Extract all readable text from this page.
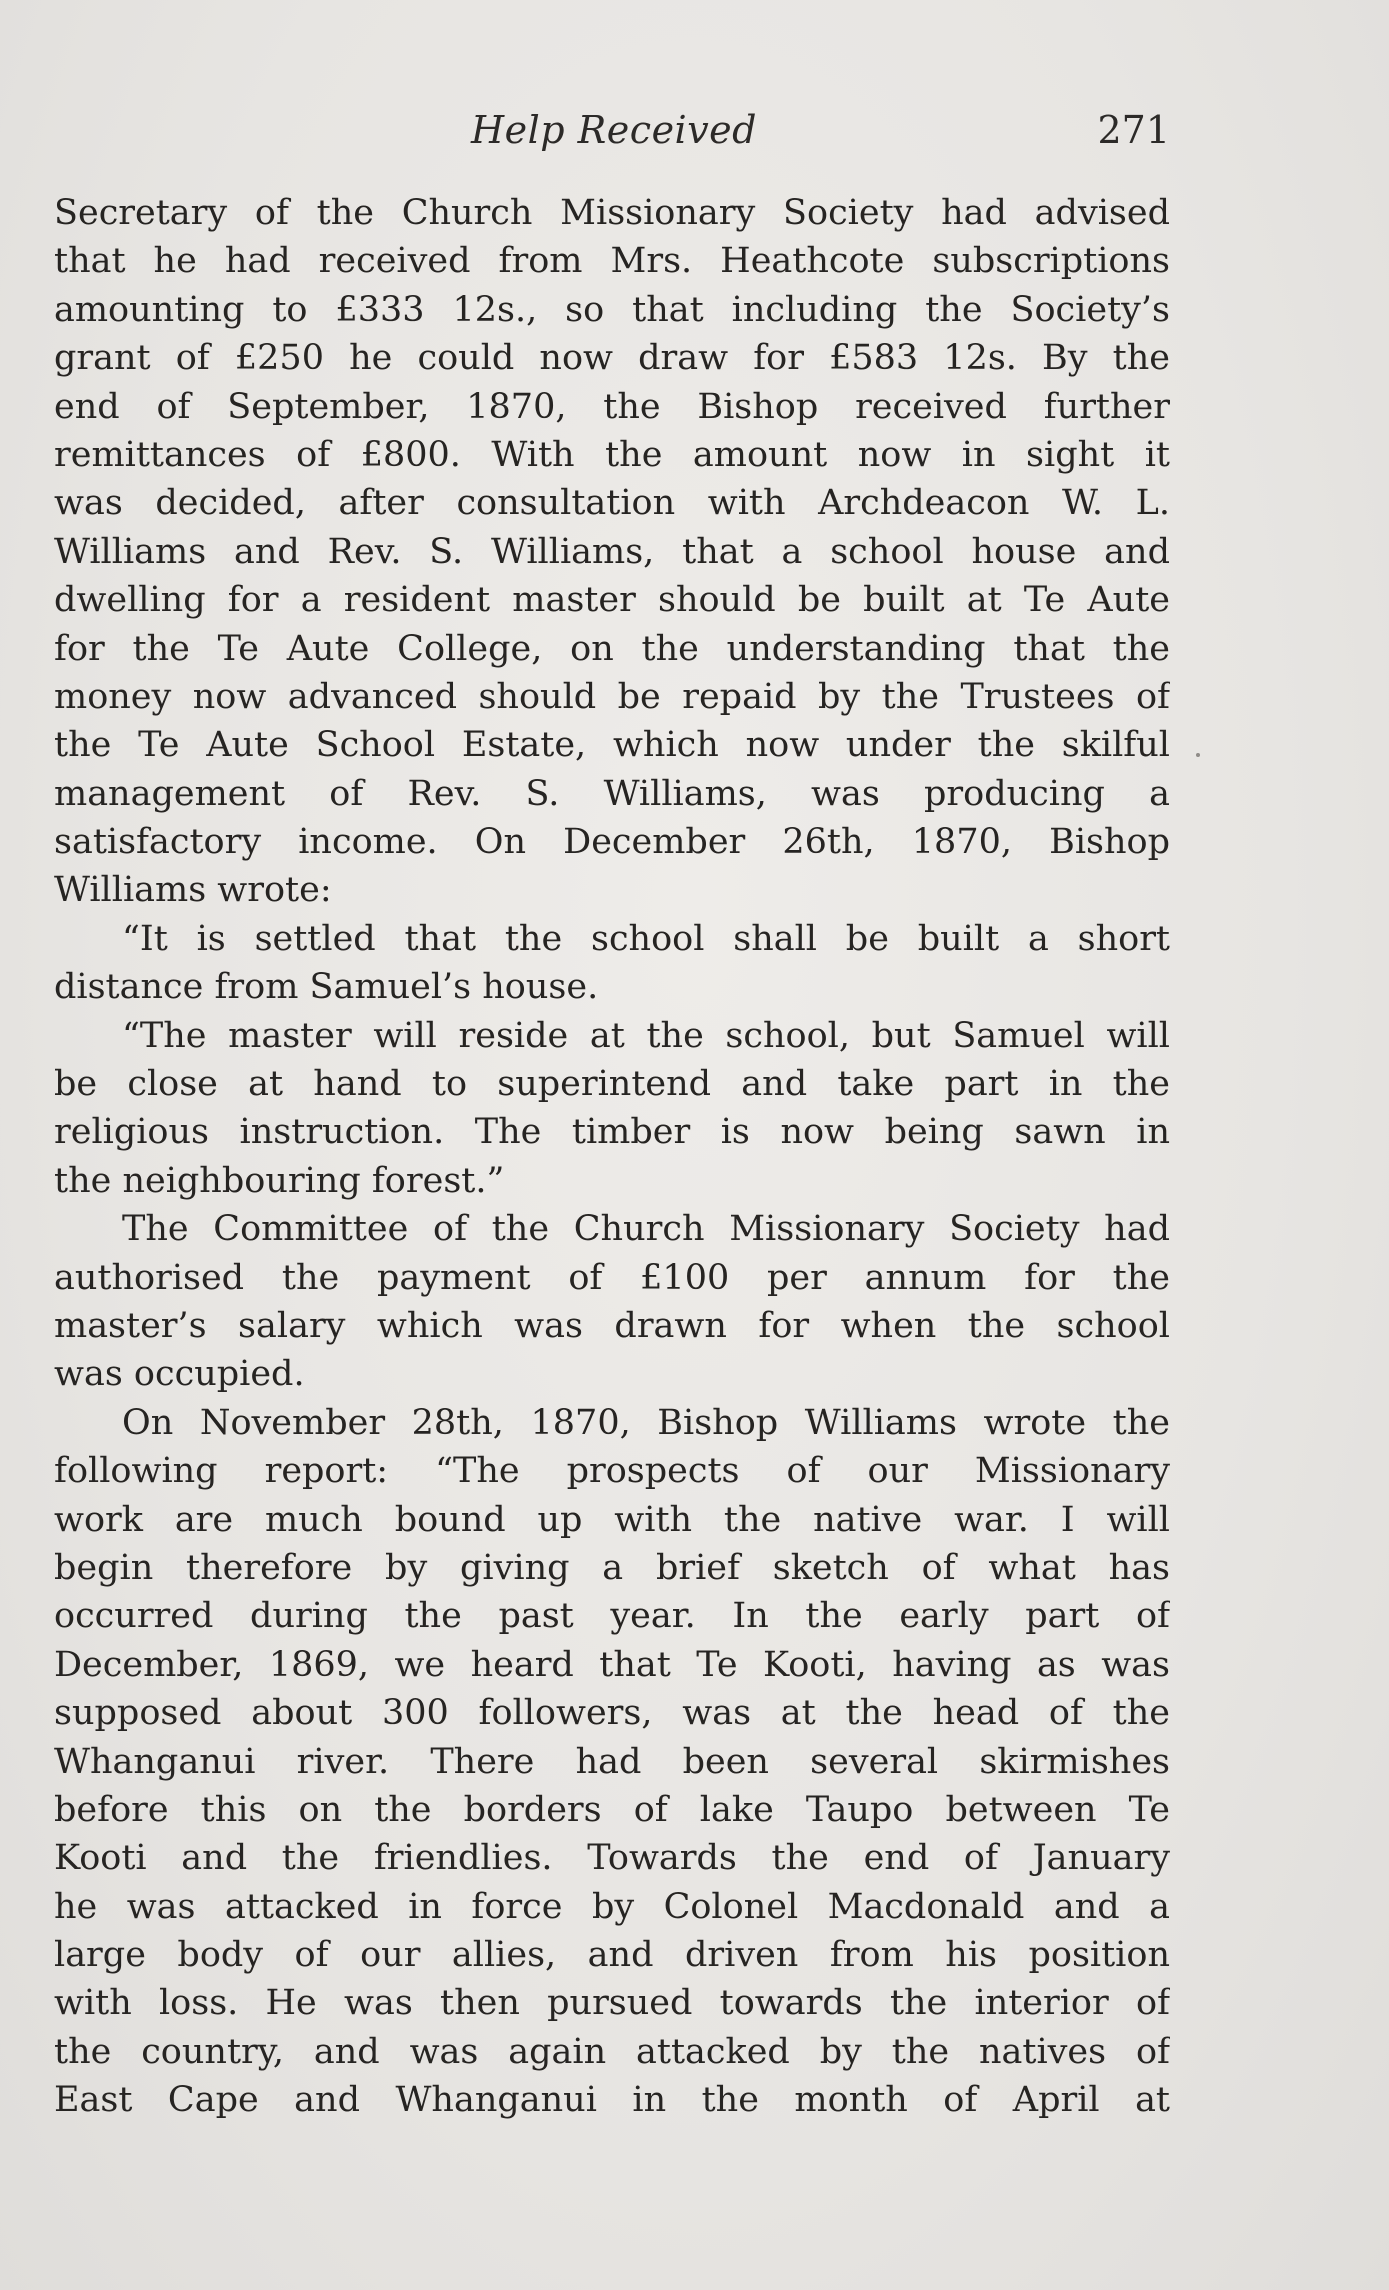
Help Received	271
Secretary of the Church Missionary Society had advised
that he had received from Mrs. Heathcote subscriptions
amounting to £333 12s., so that including the Society’s
grant of £250 he could now draw for £583 12s. By the
end of September, 1870, the Bishop received further
remittances of £800. With the amount now in sight it
was decided, after consultation with Archdeacon W. L.
Williams and Rev. S. Williams, that a school house and
dwelling for a resident master should be built at Te Aute
for the Te Aute College, on the understanding that the
money now advanced should be repaid by the Trustees of
the Te Aute School Estate, which now under the skilful
management of Rev. S. Williams, was producing a
satisfactory income. On December 26th, 1870, Bishop
Williams wrote:
“It is settled that the school shall be built a short
distance from Samuel’s house.
“The master will reside at the school, but Samuel will
be close at hand to superintend and take part in the
religious instruction. The timber is now being sawn in
the neighbouring forest.”
The Committee of the Church Missionary Society had
authorised the payment of £100 per annum for the
master’s salary which was drawn for when the school
was occupied.
On November 28th, 1870, Bishop Williams wrote the
following report: “The prospects of our Missionary
work are much bound up with the native war. I will
begin therefore by giving a brief sketch of what has
occurred during the past year. In the early part of
December, 1869, we heard that Te Kooti, having as was
supposed about 300 followers, was at the head of the
Whanganui river. There had been several skirmishes
before this on the borders of lake Taupo between Te
Kooti and the friendlies. Towards the end of January
he was attacked in force by Colonel Macdonald and a
large body of our allies, and driven from his position
with loss. He was then pursued towards the interior of
the country, and was again attacked by the natives of
East Cape and Whanganui in the month of April at
